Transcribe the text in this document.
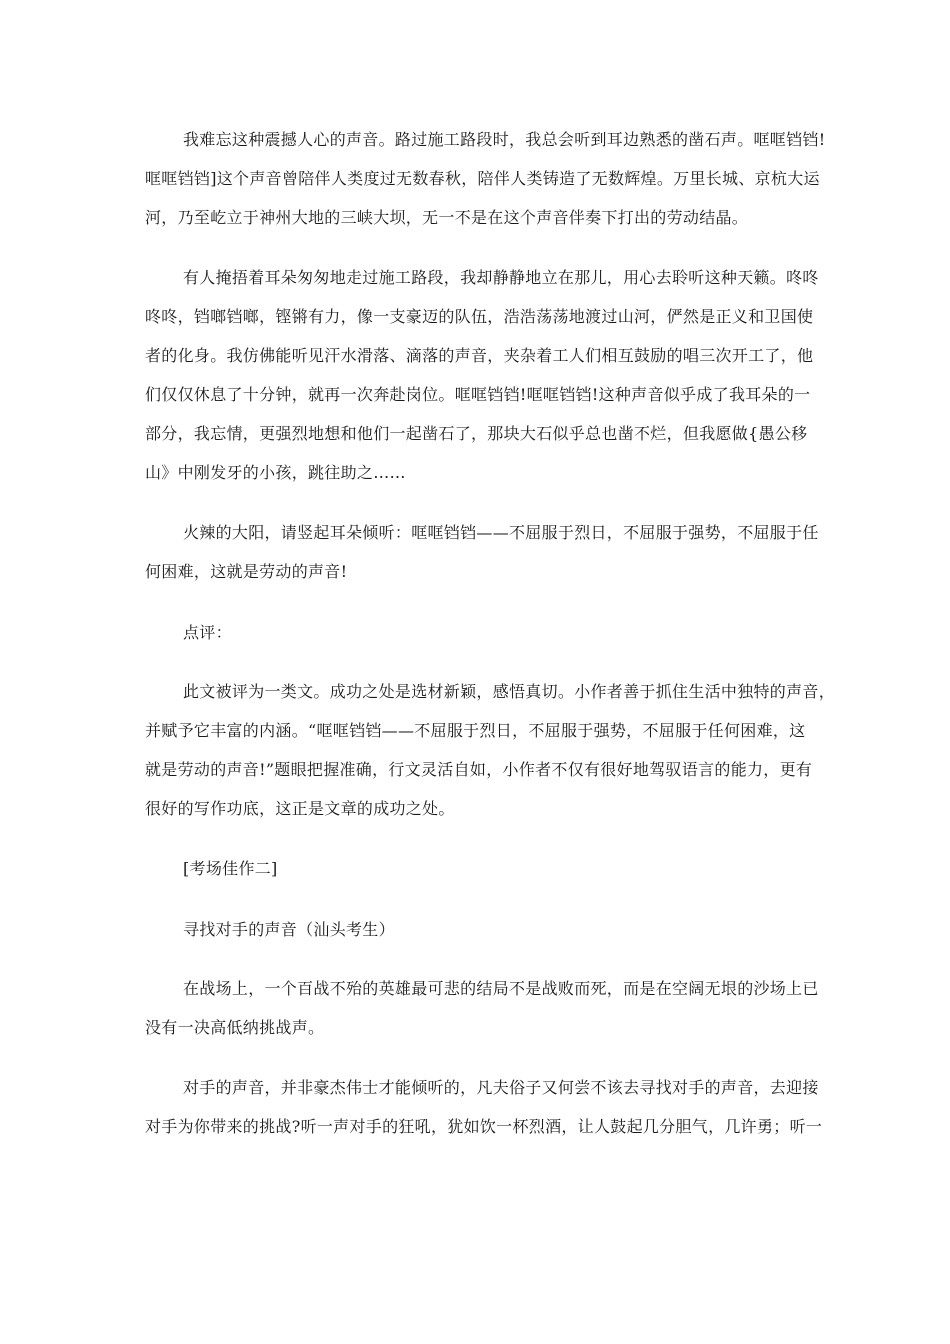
我难忘这种震撼人心的声音。路过施工路段时，我总会听到耳边熟悉的凿石声。哐哐铛铛!
哐哐铛铛]这个声音曾陪伴人类度过无数春秋，陪伴人类铸造了无数辉煌。万里长城、京杭大运
河，乃至屹立于神州大地的三峡大坝，无一不是在这个声音伴奏下打出的劳动结晶。
有人掩捂着耳朵匆匆地走过施工路段，我却静静地立在那儿，用心去聆听这种天籁。咚咚
咚咚，铛啷铛啷，铿锵有力，像一支豪迈的队伍，浩浩荡荡地渡过山河，俨然是正义和卫国使
者的化身。我仿佛能听见汗水滑落、滴落的声音，夹杂着工人们相互鼓励的唱三次开工了，他
们仅仅休息了十分钟，就再一次奔赴岗位。哐哐铛铛!哐哐铛铛!这种声音似乎成了我耳朵的一
部分，我忘情，更强烈地想和他们一起凿石了，那块大石似乎总也凿不烂，但我愿做{愚公移
山》中刚发牙的小孩，跳往助之……
火辣的大阳，请竖起耳朵倾听：哐哐铛铛——不屈服于烈日，不屈服于强势，不屈服于任
何困难，这就是劳动的声音!
点评：
此文被评为一类文。成功之处是选材新颖，感悟真切。小作者善于抓住生活中独特的声音，
并赋予它丰富的内涵。“哐哐铛铛——不屈服于烈日，不屈服于强势，不屈服于任何困难，这
就是劳动的声音!”题眼把握准确，行文灵活自如，小作者不仅有很好地驾驭语言的能力，更有
很好的写作功底，这正是文章的成功之处。
[考场佳作二]
寻找对手的声音（汕头考生）
在战场上，一个百战不殆的英雄最可悲的结局不是战败而死，而是在空阔无垠的沙场上已
没有一决高低纳挑战声。
对手的声音，并非豪杰伟士才能倾听的，凡夫俗子又何尝不该去寻找对手的声音，去迎接
对手为你带来的挑战?听一声对手的狂吼，犹如饮一杯烈酒，让人鼓起几分胆气，几许勇；听一
